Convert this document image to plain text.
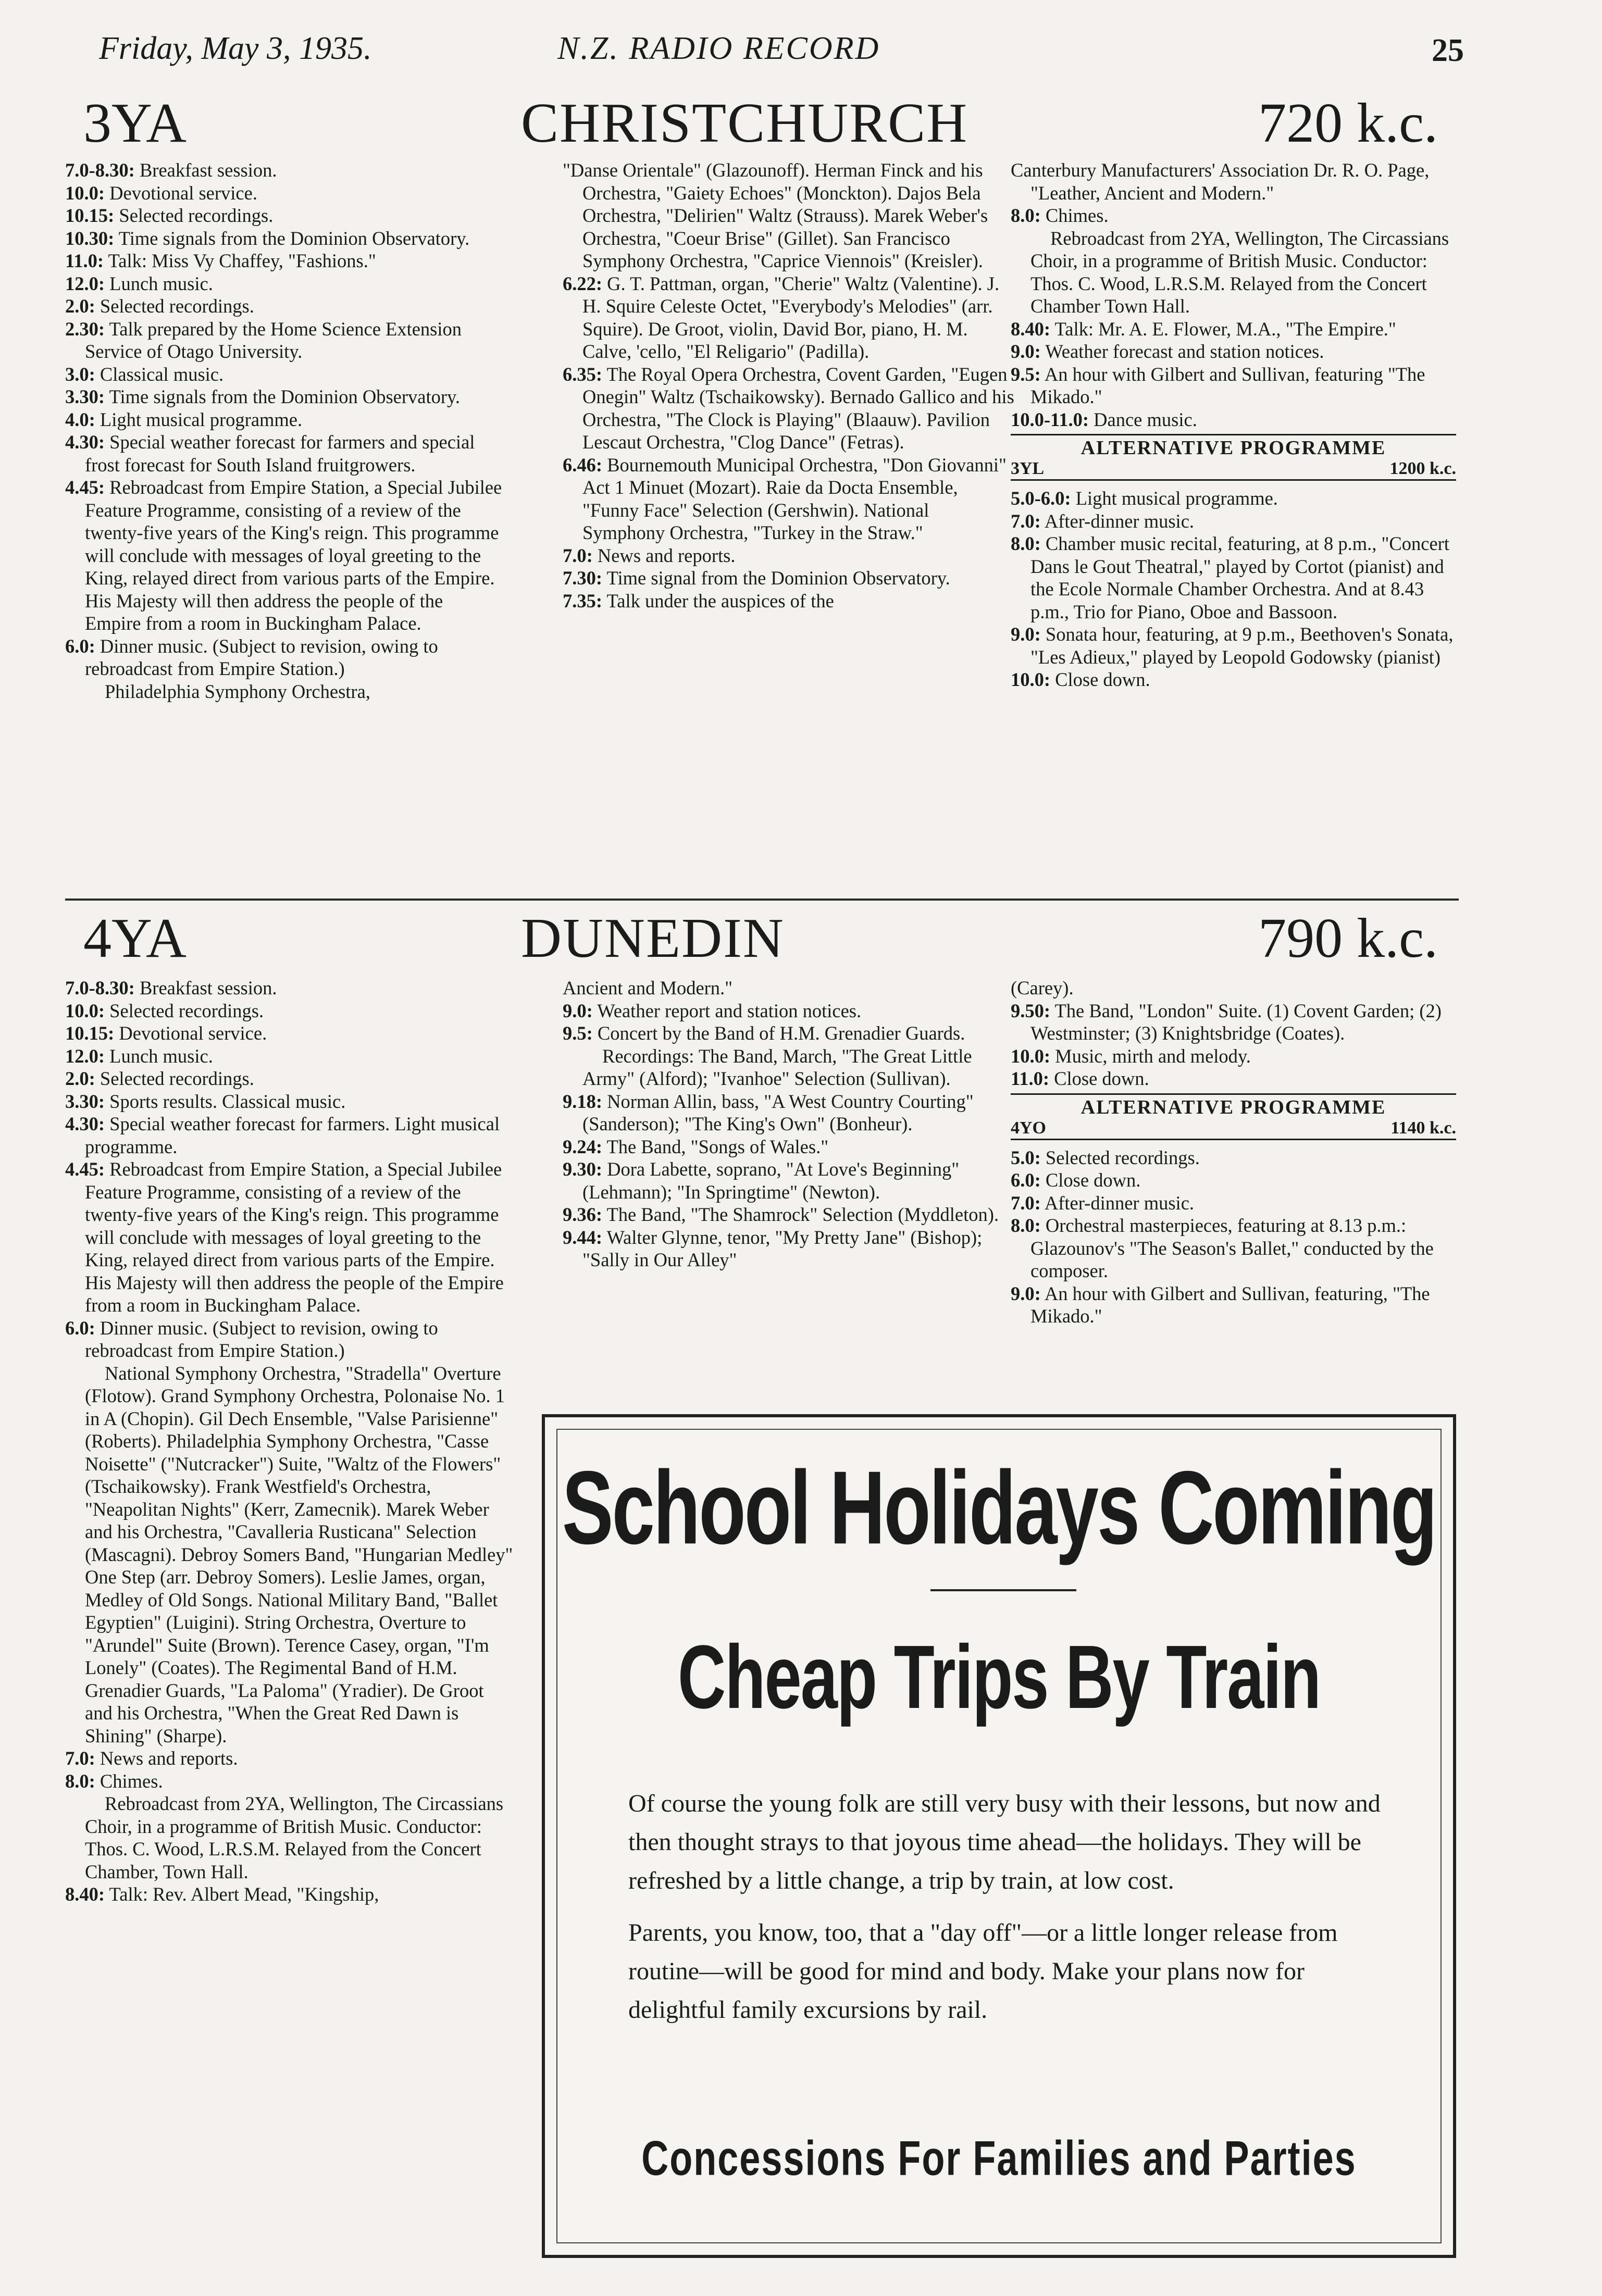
Friday, May 3, 1935.	N.Z. RADIO RECORD	25
3YA	CHRISTCHURCH	720 k.c.

7.0-8.30: Breakfast session.

10.0: Devotional service.

10.15: Selected recordings.

10.30: Time signals from the Dominion Observatory.

11.0: Talk: Miss Vy Chaffey, "Fashions."

12.0: Lunch music.

2.0: Selected recordings.

2.30: Talk prepared by the Home Science Extension Service of Otago University.

3.0: Classical music.

3.30: Time signals from the Dominion Observatory.

4.0: Light musical programme.

4.30: Special weather forecast for farmers and special frost forecast for South Island fruitgrowers.

4.45: Rebroadcast from Empire Station, a Special Jubilee Feature Programme, consisting of a review of the twenty-five years of the King's reign. This programme will conclude with messages of loyal greeting to the King, relayed direct from various parts of the Empire. His Majesty will then address the people of the Empire from a room in Buckingham Palace.

6.0: Dinner music. (Subject to revision, owing to rebroadcast from Empire Station.)

Philadelphia Symphony Orchestra,

"Danse Orientale" (Glazounoff). Herman Finck and his Orchestra, "Gaiety Echoes" (Monckton). Dajos Bela Orchestra, "Delirien" Waltz (Strauss). Marek Weber's Orchestra, "Coeur Brise" (Gillet). San Francisco Symphony Orchestra, "Caprice Viennois" (Kreisler).

6.22: G. T. Pattman, organ, "Cherie" Waltz (Valentine). J. H. Squire Celeste Octet, "Everybody's Melodies" (arr. Squire). De Groot, violin, David Bor, piano, H. M. Calve, 'cello, "El Religario" (Padilla).

6.35: The Royal Opera Orchestra, Covent Garden, "Eugen Onegin" Waltz (Tschaikowsky). Bernado Gallico and his Orchestra, "The Clock is Playing" (Blaauw). Pavilion Lescaut Orchestra, "Clog Dance" (Fetras).

6.46: Bournemouth Municipal Orchestra, "Don Giovanni" Act 1 Minuet (Mozart). Raie da Docta Ensemble, "Funny Face" Selection (Gershwin). National Symphony Orchestra, "Turkey in the Straw."

7.0: News and reports.

7.30: Time signal from the Dominion Observatory.

7.35: Talk under the auspices of the

Canterbury Manufacturers' Association Dr. R. O. Page, "Leather, Ancient and Modern."

8.0: Chimes.

Rebroadcast from 2YA, Wellington, The Circassians Choir, in a programme of British Music. Conductor: Thos. C. Wood, L.R.S.M. Relayed from the Concert Chamber Town Hall.

8.40: Talk: Mr. A. E. Flower, M.A., "The Empire."

9.0: Weather forecast and station notices.

9.5: An hour with Gilbert and Sullivan, featuring "The Mikado."

10.0-11.0: Dance music.

ALTERNATIVE PROGRAMME
3YL	1200 k.c.

5.0-6.0: Light musical programme.

7.0: After-dinner music.

8.0: Chamber music recital, featuring, at 8 p.m., "Concert Dans le Gout Theatral," played by Cortot (pianist) and the Ecole Normale Chamber Orchestra. And at 8.43 p.m., Trio for Piano, Oboe and Bassoon.

9.0: Sonata hour, featuring, at 9 p.m., Beethoven's Sonata, "Les Adieux," played by Leopold Godowsky (pianist)

10.0: Close down.

4YA	DUNEDIN	790 k.c.

7.0-8.30: Breakfast session.

10.0: Selected recordings.

10.15: Devotional service.

12.0: Lunch music.

2.0: Selected recordings.

3.30: Sports results. Classical music.

4.30: Special weather forecast for farmers. Light musical programme.

4.45: Rebroadcast from Empire Station, a Special Jubilee Feature Programme, consisting of a review of the twenty-five years of the King's reign. This programme will conclude with messages of loyal greeting to the King, relayed direct from various parts of the Empire. His Majesty will then address the people of the Empire from a room in Buckingham Palace.

6.0: Dinner music. (Subject to revision, owing to rebroadcast from Empire Station.)

National Symphony Orchestra, "Stradella" Overture (Flotow). Grand Symphony Orchestra, Polonaise No. 1 in A (Chopin). Gil Dech Ensemble, "Valse Parisienne" (Roberts). Philadelphia Symphony Orchestra, "Casse Noisette" ("Nutcracker") Suite, "Waltz of the Flowers" (Tschaikowsky). Frank Westfield's Orchestra, "Neapolitan Nights" (Kerr, Zamecnik). Marek Weber and his Orchestra, "Cavalleria Rusticana" Selection (Mascagni). Debroy Somers Band, "Hungarian Medley" One Step (arr. Debroy Somers). Leslie James, organ, Medley of Old Songs. National Military Band, "Ballet Egyptien" (Luigini). String Orchestra, Overture to "Arundel" Suite (Brown). Terence Casey, organ, "I'm Lonely" (Coates). The Regimental Band of H.M. Grenadier Guards, "La Paloma" (Yradier). De Groot and his Orchestra, "When the Great Red Dawn is Shining" (Sharpe).

7.0: News and reports.

8.0: Chimes.

Rebroadcast from 2YA, Wellington, The Circassians Choir, in a programme of British Music. Conductor: Thos. C. Wood, L.R.S.M. Relayed from the Concert Chamber, Town Hall.

8.40: Talk: Rev. Albert Mead, "Kingship,

Ancient and Modern."

9.0: Weather report and station notices.

9.5: Concert by the Band of H.M. Grenadier Guards.

Recordings: The Band, March, "The Great Little Army" (Alford); "Ivanhoe" Selection (Sullivan).

9.18: Norman Allin, bass, "A West Country Courting" (Sanderson); "The King's Own" (Bonheur).

9.24: The Band, "Songs of Wales."

9.30: Dora Labette, soprano, "At Love's Beginning" (Lehmann); "In Springtime" (Newton).

9.36: The Band, "The Shamrock" Selection (Myddleton).

9.44: Walter Glynne, tenor, "My Pretty Jane" (Bishop); "Sally in Our Alley"

(Carey).

9.50: The Band, "London" Suite. (1) Covent Garden; (2) Westminster; (3) Knightsbridge (Coates).

10.0: Music, mirth and melody.

11.0: Close down.

ALTERNATIVE PROGRAMME
4YO	1140 k.c.

5.0: Selected recordings.

6.0: Close down.

7.0: After-dinner music.

8.0: Orchestral masterpieces, featuring at 8.13 p.m.: Glazounov's "The Season's Ballet," conducted by the composer.

9.0: An hour with Gilbert and Sullivan, featuring, "The Mikado."

School Holidays Coming
Cheap Trips By Train

Of course the young folk are still very busy with their lessons, but now and then thought strays to that joyous time ahead—the holidays. They will be refreshed by a little change, a trip by train, at low cost.

Parents, you know, too, that a "day off"—or a little longer release from routine—will be good for mind and body. Make your plans now for delightful family excursions by rail.

Concessions For Families and Parties
